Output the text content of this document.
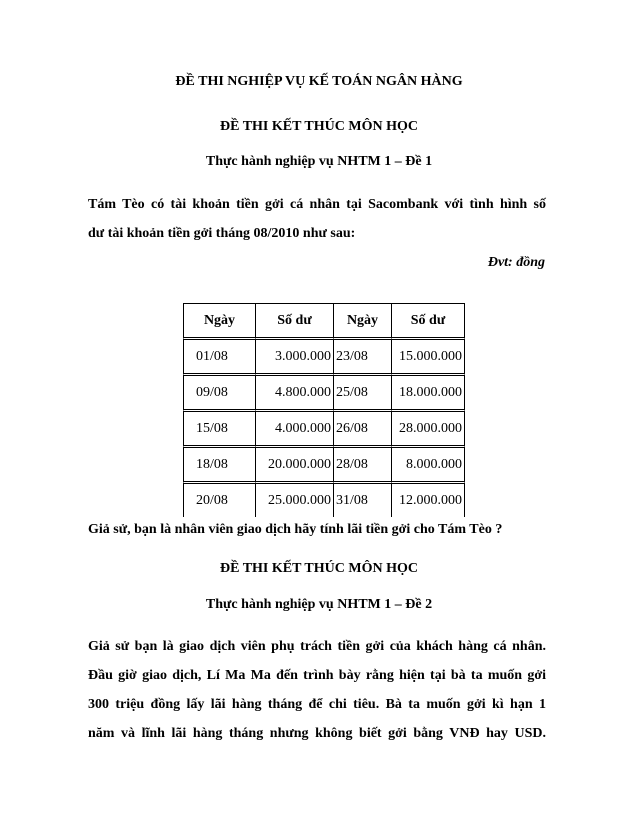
ĐỀ THI NGHIỆP VỤ KẾ TOÁN NGÂN HÀNG
ĐỀ THI KẾT THÚC MÔN HỌC
Thực hành nghiệp vụ NHTM 1 – Đề 1
Tám Tèo có tài khoản tiền gởi cá nhân tại Sacombank với tình hình số
dư tài khoản tiền gởi tháng 08/2010 như sau:
Đvt: đồng
Ngày	Số dư	Ngày	Số dư
01/08	3.000.000	23/08	15.000.000
09/08	4.800.000	25/08	18.000.000
15/08	4.000.000	26/08	28.000.000
18/08	20.000.000	28/08	8.000.000
20/08	25.000.000	31/08	12.000.000
Giả sử, bạn là nhân viên giao dịch hãy tính lãi tiền gởi cho Tám Tèo ?
ĐỀ THI KẾT THÚC MÔN HỌC
Thực hành nghiệp vụ NHTM 1 – Đề 2
Giả sử bạn là giao dịch viên phụ trách tiền gởi của khách hàng cá nhân.
Đầu giờ giao dịch, Lí Ma Ma đến trình bày rằng hiện tại bà ta muốn gởi
300 triệu đồng lấy lãi hàng tháng để chi tiêu. Bà ta muốn gởi kì hạn 1
năm và lĩnh lãi hàng tháng nhưng không biết gởi bằng VNĐ hay USD.
